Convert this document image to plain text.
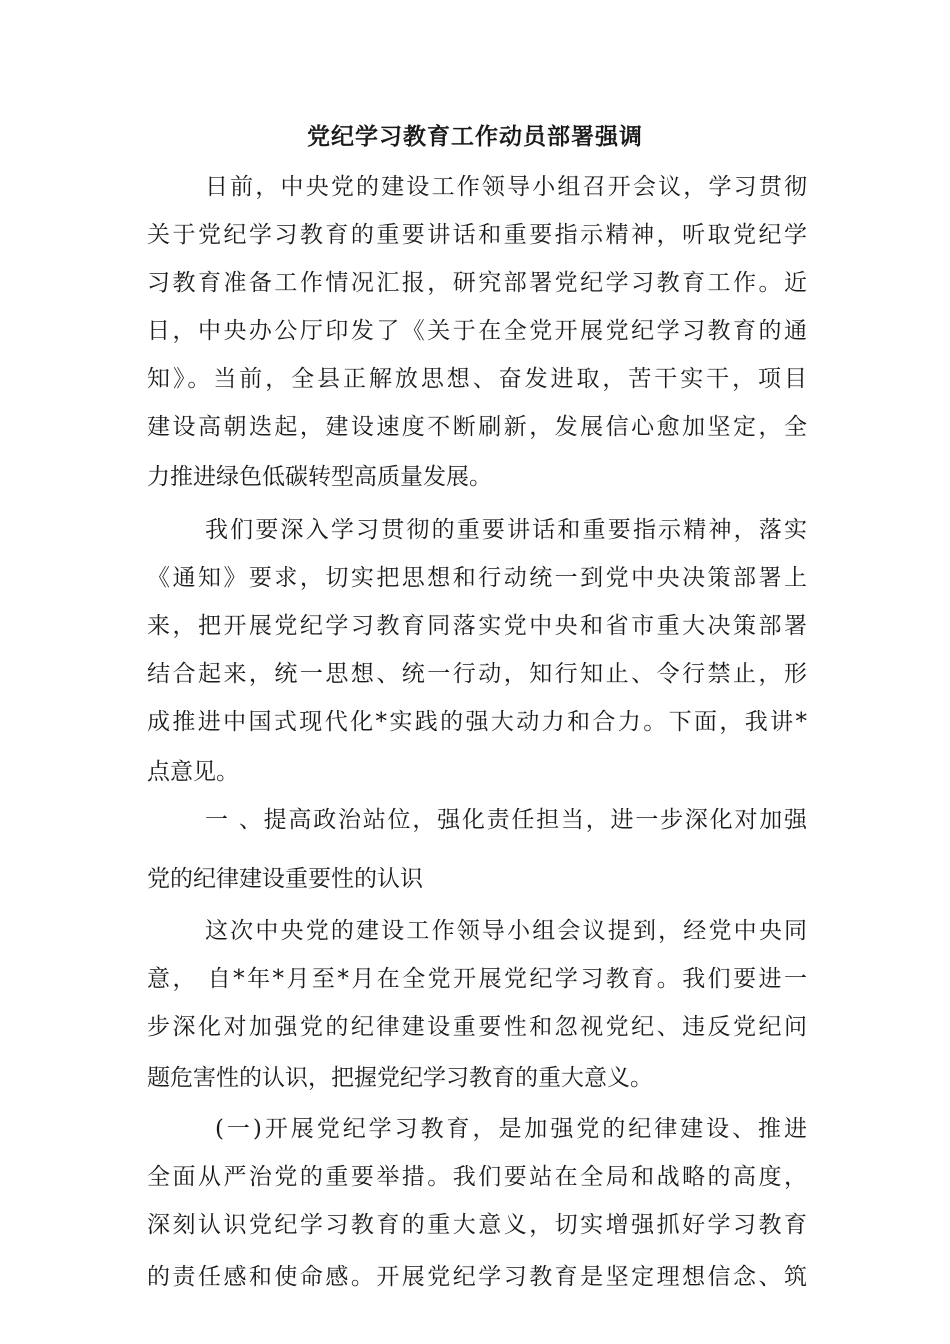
党纪学习教育工作动员部署强调
日前，中央党的建设工作领导小组召开会议，学习贯彻
关于党纪学习教育的重要讲话和重要指示精神，听取党纪学
习教育准备工作情况汇报，研究部署党纪学习教育工作。近
日，中央办公厅印发了《关于在全党开展党纪学习教育的通
知》。当前，全县正解放思想、奋发进取，苦干实干，项目
建设高朝迭起，建设速度不断刷新，发展信心愈加坚定，全
力推进绿色低碳转型高质量发展。
我们要深入学习贯彻的重要讲话和重要指示精神，落实
《通知》要求，切实把思想和行动统一到党中央决策部署上
来，把开展党纪学习教育同落实党中央和省市重大决策部署
结合起来，统一思想、统一行动，知行知止、令行禁止，形
成推进中国式现代化*实践的强大动力和合力。下面，我讲*
点意见。
一 、提高政治站位，强化责任担当，进一步深化对加强
党的纪律建设重要性的认识
这次中央党的建设工作领导小组会议提到，经党中央同
意， 自*年*月至*月在全党开展党纪学习教育。我们要进一
步深化对加强党的纪律建设重要性和忽视党纪、违反党纪问
题危害性的认识，把握党纪学习教育的重大意义。
(一)开展党纪学习教育，是加强党的纪律建设、推进
全面从严治党的重要举措。我们要站在全局和战略的高度，
深刻认识党纪学习教育的重大意义，切实增强抓好学习教育
的责任感和使命感。开展党纪学习教育是坚定理想信念、筑
